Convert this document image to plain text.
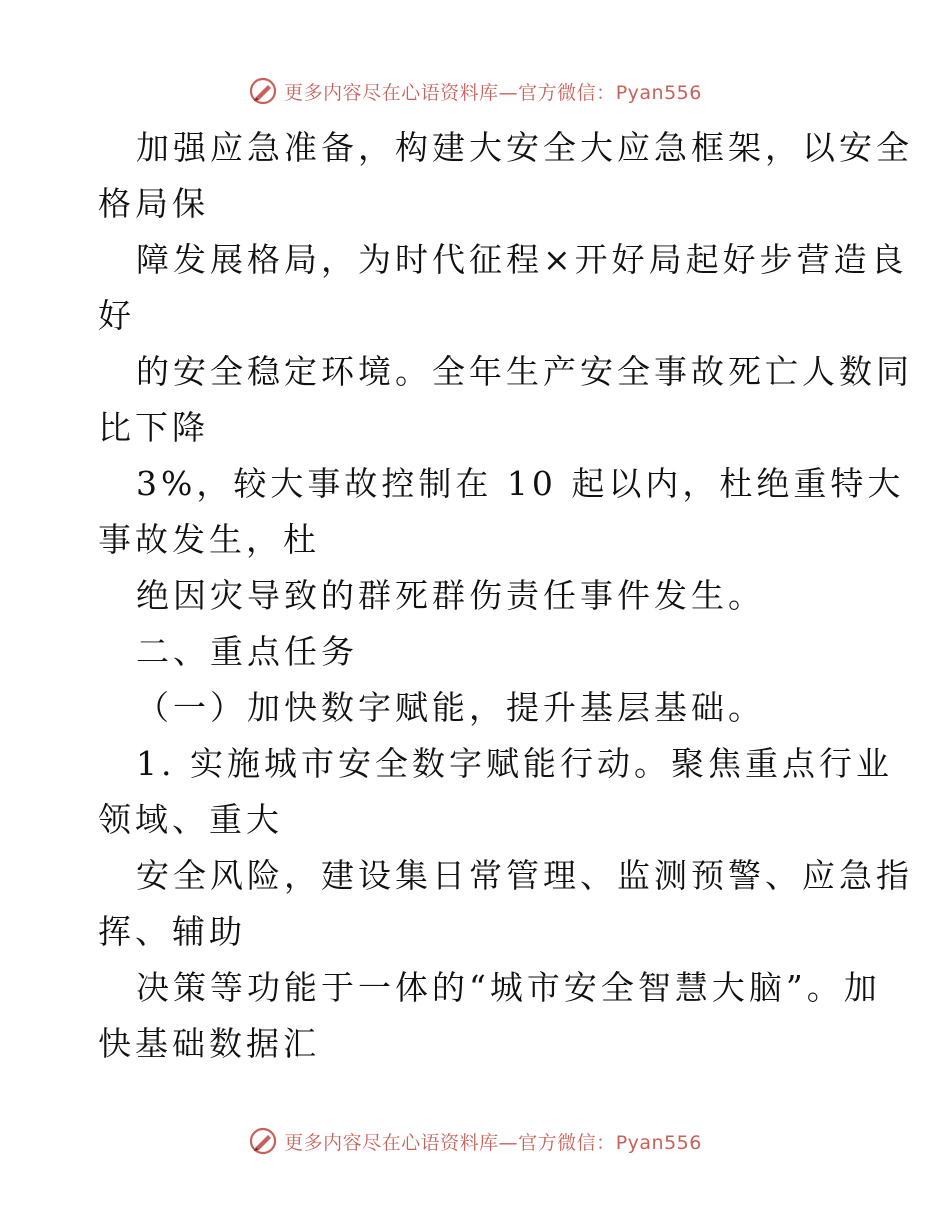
更多内容尽在心语资料库—官方微信：Pyan556
加强应急准备，构建大安全大应急框架，以安全
格局保
障发展格局，为时代征程×开好局起好步营造良
好
的安全稳定环境。全年生产安全事故死亡人数同
比下降
3%，较大事故控制在 10 起以内，杜绝重特大
事故发生，杜
绝因灾导致的群死群伤责任事件发生。
二、重点任务
（一）加快数字赋能，提升基层基础。
1. 实施城市安全数字赋能行动。聚焦重点行业
领域、重大
安全风险，建设集日常管理、监测预警、应急指
挥、辅助
决策等功能于一体的“城市安全智慧大脑”。加
快基础数据汇
更多内容尽在心语资料库—官方微信：Pyan556
